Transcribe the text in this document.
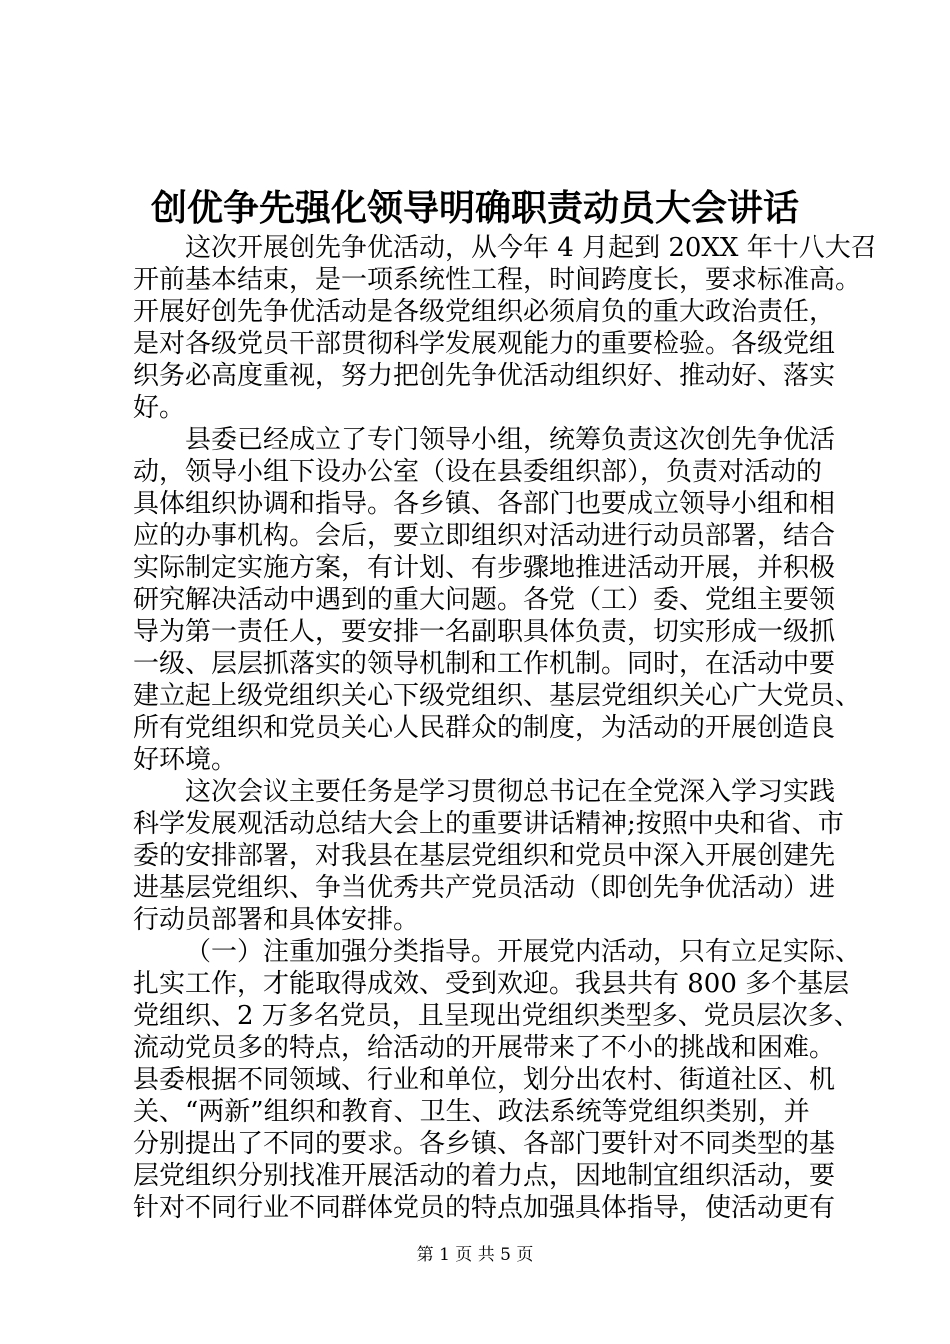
创优争先强化领导明确职责动员大会讲话
这次开展创先争优活动，从今年 4 月起到 20XX 年十八大召
开前基本结束，是一项系统性工程，时间跨度长，要求标准高。
开展好创先争优活动是各级党组织必须肩负的重大政治责任，
是对各级党员干部贯彻科学发展观能力的重要检验。各级党组
织务必高度重视，努力把创先争优活动组织好、推动好、落实
好。
县委已经成立了专门领导小组，统筹负责这次创先争优活
动，领导小组下设办公室（设在县委组织部），负责对活动的
具体组织协调和指导。各乡镇、各部门也要成立领导小组和相
应的办事机构。会后，要立即组织对活动进行动员部署，结合
实际制定实施方案，有计划、有步骤地推进活动开展，并积极
研究解决活动中遇到的重大问题。各党（工）委、党组主要领
导为第一责任人，要安排一名副职具体负责，切实形成一级抓
一级、层层抓落实的领导机制和工作机制。同时，在活动中要
建立起上级党组织关心下级党组织、基层党组织关心广大党员、
所有党组织和党员关心人民群众的制度，为活动的开展创造良
好环境。
这次会议主要任务是学习贯彻总书记在全党深入学习实践
科学发展观活动总结大会上的重要讲话精神;按照中央和省、市
委的安排部署，对我县在基层党组织和党员中深入开展创建先
进基层党组织、争当优秀共产党员活动（即创先争优活动）进
行动员部署和具体安排。
（一）注重加强分类指导。开展党内活动，只有立足实际、
扎实工作，才能取得成效、受到欢迎。我县共有 800 多个基层
党组织、2 万多名党员，且呈现出党组织类型多、党员层次多、
流动党员多的特点，给活动的开展带来了不小的挑战和困难。
县委根据不同领域、行业和单位，划分出农村、街道社区、机
关、“两新”组织和教育、卫生、政法系统等党组织类别，并
分别提出了不同的要求。各乡镇、各部门要针对不同类型的基
层党组织分别找准开展活动的着力点，因地制宜组织活动，要
针对不同行业不同群体党员的特点加强具体指导，使活动更有
第 1 页 共 5 页
